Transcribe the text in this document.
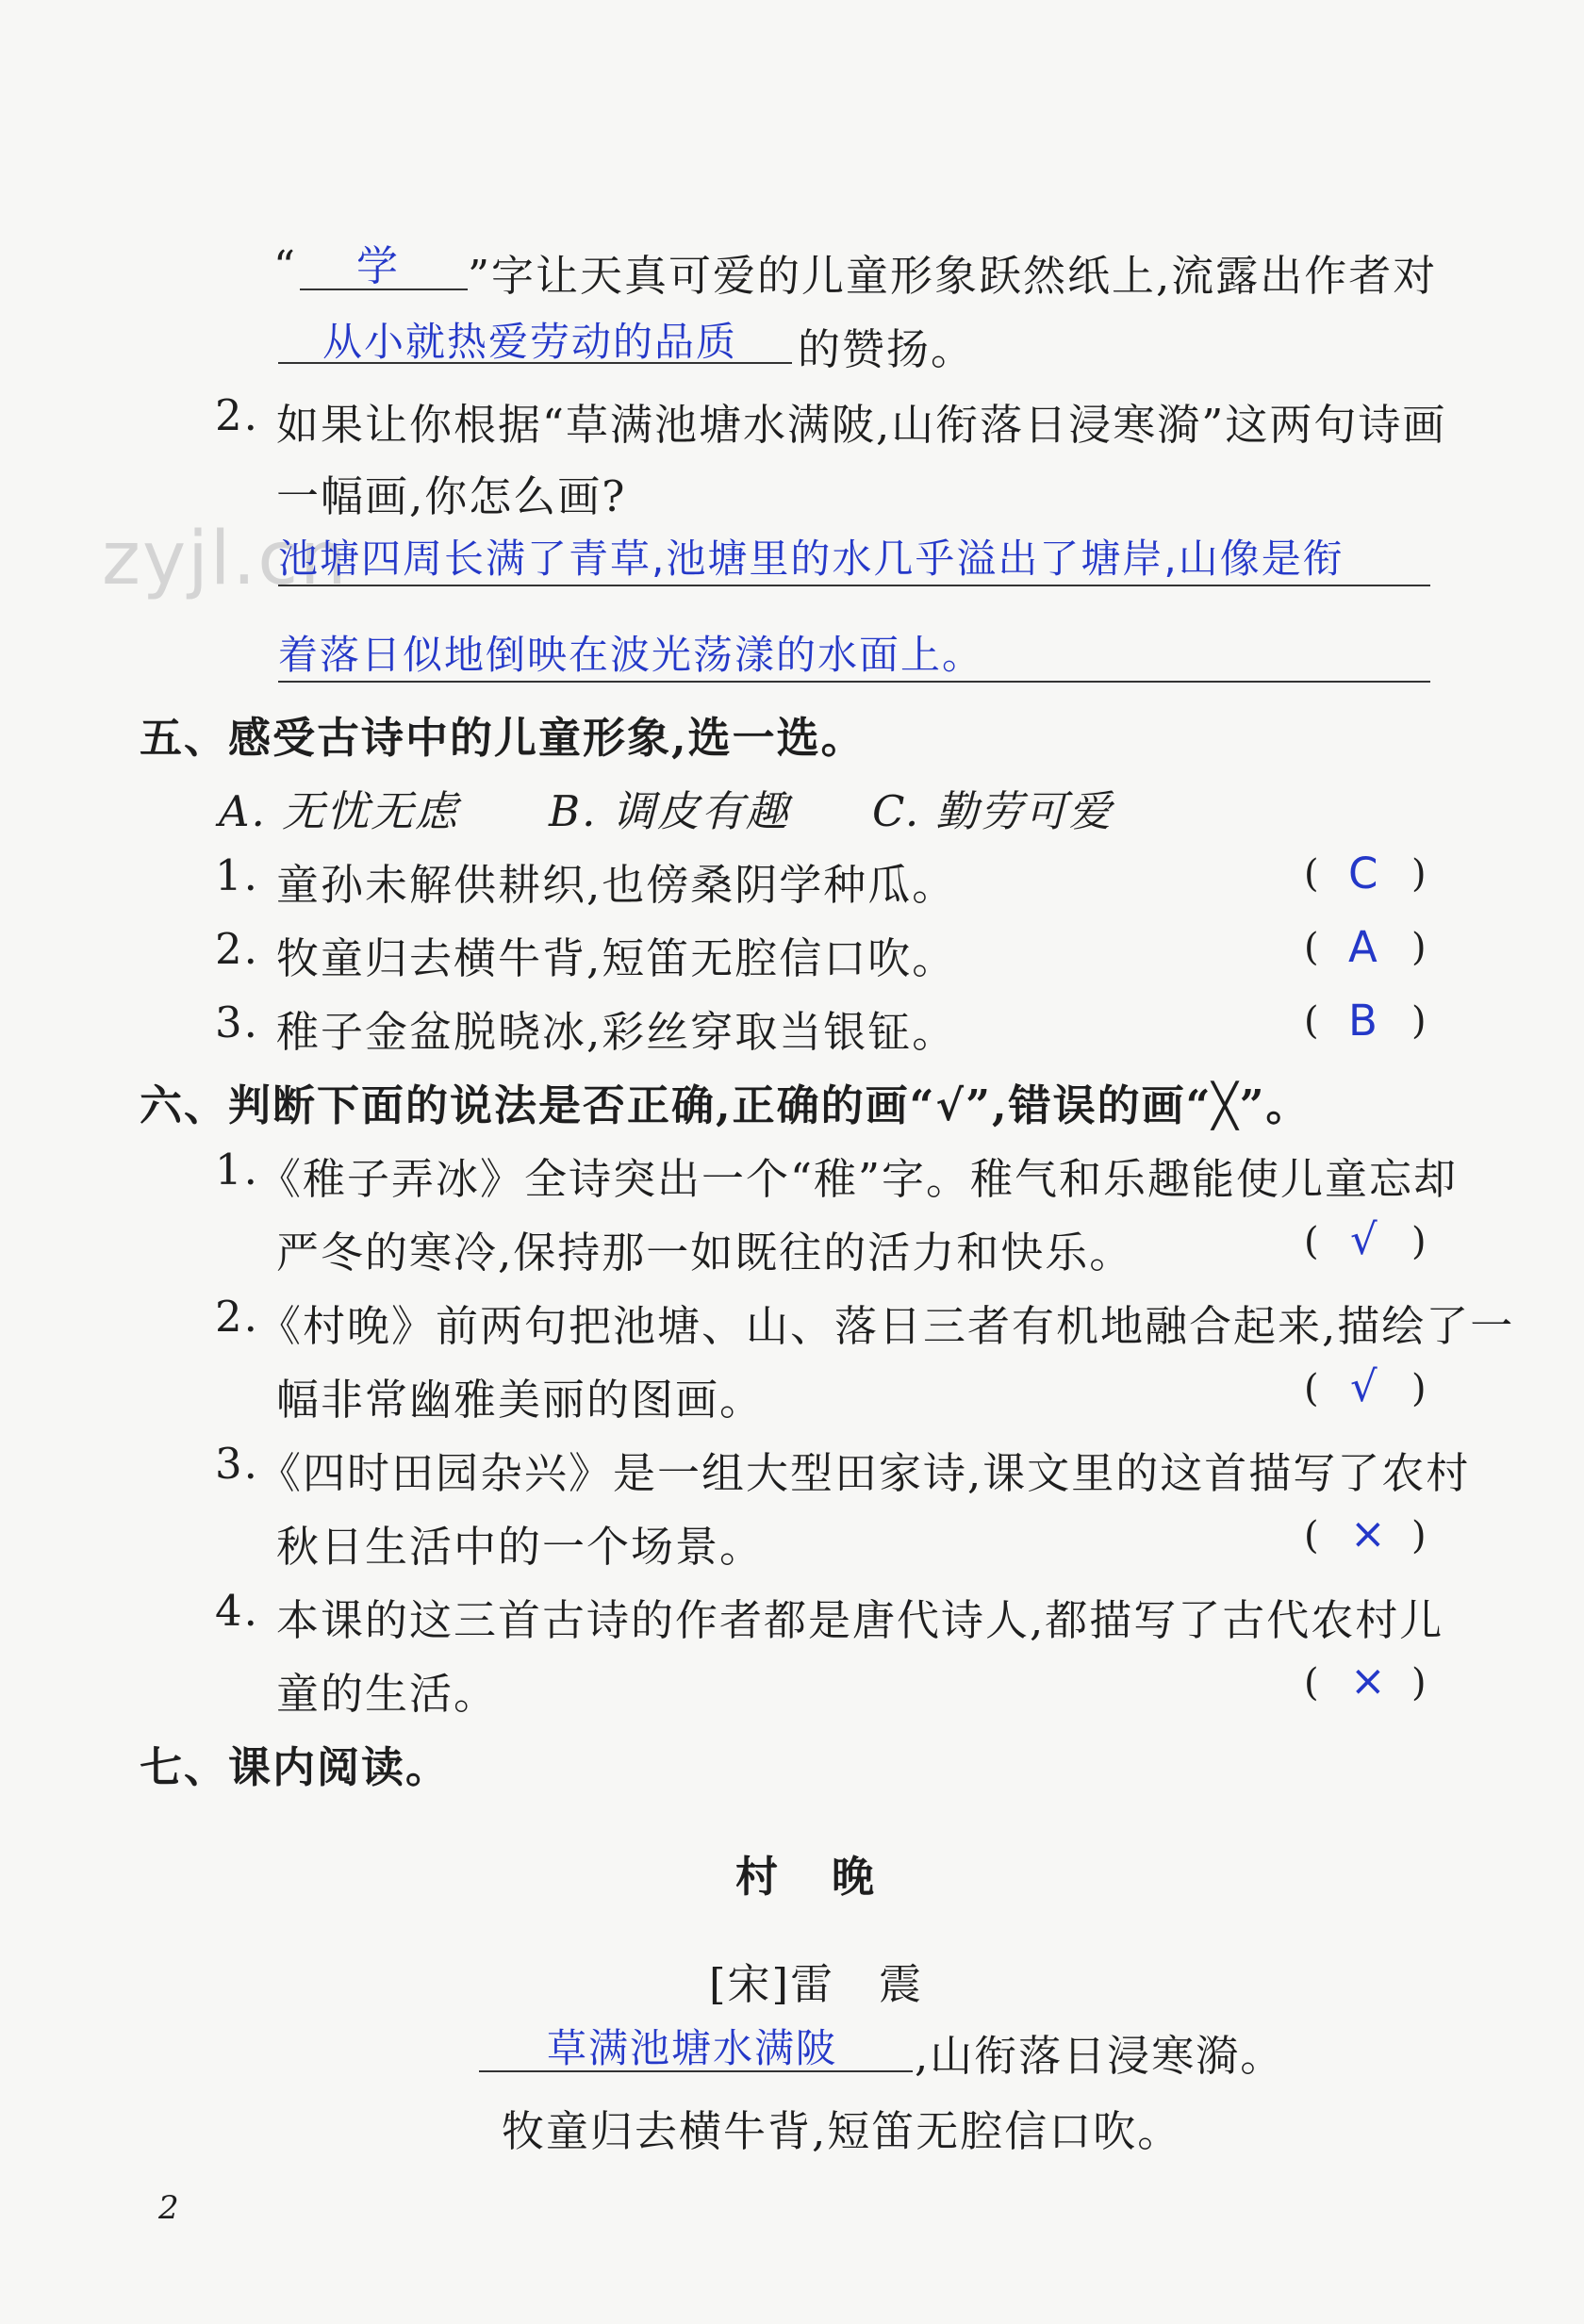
“ 学 ”字让天真可爱的儿童形象跃然纸上,流露出作者对
从小就热爱劳动的品质 的赞扬。
2. 如果让你根据“草满池塘水满陂,山衔落日浸寒漪”这两句诗画
一幅画,你怎么画?
zyjl.cn
池塘四周长满了青草,池塘里的水几乎溢出了塘岸,山像是衔
着落日似地倒映在波光荡漾的水面上。
五、感受古诗中的儿童形象,选一选。
A. 无忧无虑 B. 调皮有趣 C. 勤劳可爱
1. 童孙未解供耕织,也傍桑阴学种瓜。	( C )
2. 牧童归去横牛背,短笛无腔信口吹。	( A )
3. 稚子金盆脱晓冰,彩丝穿取当银钲。	( B )
六、判断下面的说法是否正确,正确的画“√”,错误的画“╳”。
1. 《稚子弄冰》全诗突出一个“稚”字。稚气和乐趣能使儿童忘却
严冬的寒冷,保持那一如既往的活力和快乐。	( √ )
2. 《村晚》前两句把池塘、山、落日三者有机地融合起来,描绘了一
幅非常幽雅美丽的图画。	( √ )
3. 《四时田园杂兴》是一组大型田家诗,课文里的这首描写了农村
秋日生活中的一个场景。	( × )
4. 本课的这三首古诗的作者都是唐代诗人,都描写了古代农村儿
童的生活。	( × )
七、课内阅读。
村　晚
[宋]雷　震
草满池塘水满陂 ,山衔落日浸寒漪。
牧童归去横牛背,短笛无腔信口吹。
2
